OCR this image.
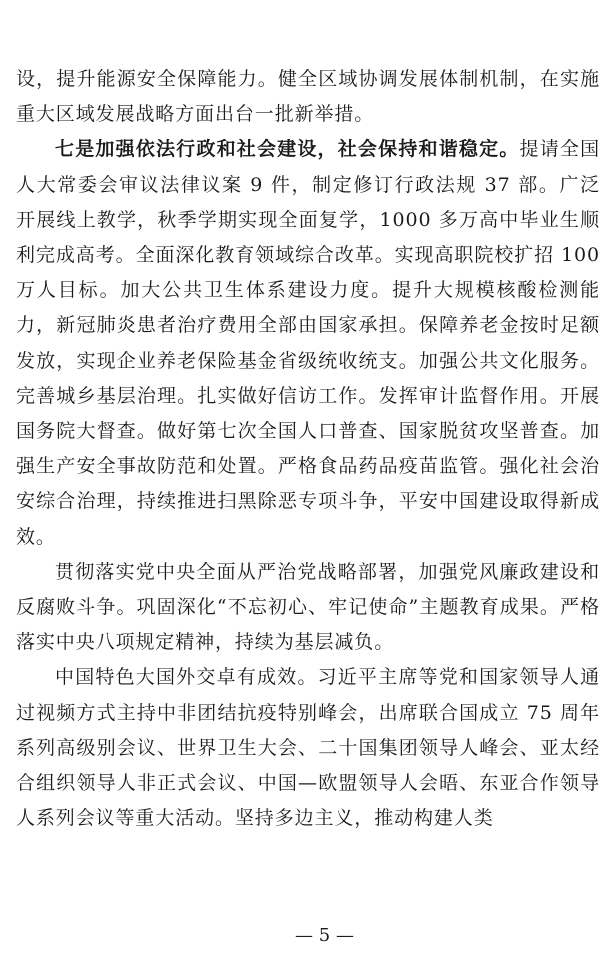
设，提升能源安全保障能力。健全区域协调发展体制机制，在实施重大区域发展战略方面出台一批新举措。

七是加强依法行政和社会建设，社会保持和谐稳定。提请全国人大常委会审议法律议案 9 件，制定修订行政法规 37 部。广泛开展线上教学，秋季学期实现全面复学，1000 多万高中毕业生顺利完成高考。全面深化教育领域综合改革。实现高职院校扩招 100 万人目标。加大公共卫生体系建设力度。提升大规模核酸检测能力，新冠肺炎患者治疗费用全部由国家承担。保障养老金按时足额发放，实现企业养老保险基金省级统收统支。加强公共文化服务。完善城乡基层治理。扎实做好信访工作。发挥审计监督作用。开展国务院大督查。做好第七次全国人口普查、国家脱贫攻坚普查。加强生产安全事故防范和处置。严格食品药品疫苗监管。强化社会治安综合治理，持续推进扫黑除恶专项斗争，平安中国建设取得新成效。

贯彻落实党中央全面从严治党战略部署，加强党风廉政建设和反腐败斗争。巩固深化“不忘初心、牢记使命”主题教育成果。严格落实中央八项规定精神，持续为基层减负。

中国特色大国外交卓有成效。习近平主席等党和国家领导人通过视频方式主持中非团结抗疫特别峰会，出席联合国成立 75 周年系列高级别会议、世界卫生大会、二十国集团领导人峰会、亚太经合组织领导人非正式会议、中国—欧盟领导人会晤、东亚合作领导人系列会议等重大活动。坚持多边主义，推动构建人类

— 5 —
